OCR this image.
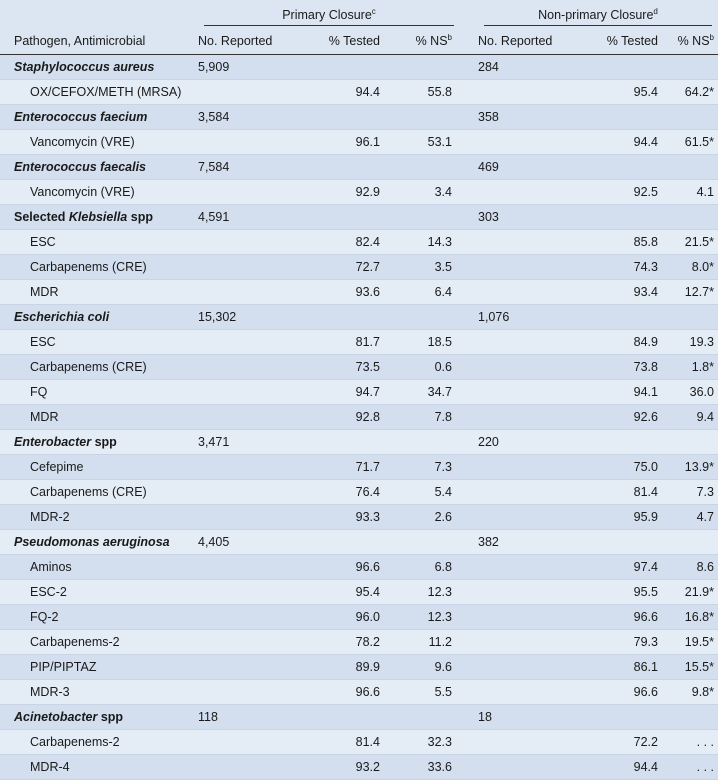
	Primary Closure$^c$				Non-primary Closure$^d$

Pathogen, Antimicrobial	No. Reported	% Tested	% $NS^b$		No. Reported	% Tested	% $NS^b$
Staphylococcus aureus	5,909				284		
OX/CEFOX/METH (MRSA)		94.4	55.8			95.4	64.2*
Enterococcus faecium	3,584				358		
Vancomycin (VRE)		96.1	53.1			94.4	61.5*
Enterococcus faecalis	7,584				469		
Vancomycin (VRE)		92.9	3.4			92.5	4.1
Selected Klebsiella spp	4,591				303		
ESC		82.4	14.3			85.8	21.5*
Carbapenems (CRE)		72.7	3.5			74.3	8.0*
MDR		93.6	6.4			93.4	12.7*
Escherichia coli	15,302				1,076		
ESC		81.7	18.5			84.9	19.3
Carbapenems (CRE)		73.5	0.6			73.8	1.8*
FQ		94.7	34.7			94.1	36.0
MDR		92.8	7.8			92.6	9.4
Enterobacter spp	3,471				220		
Cefepime		71.7	7.3			75.0	13.9*
Carbapenems (CRE)		76.4	5.4			81.4	7.3
MDR-2		93.3	2.6			95.9	4.7
Pseudomonas aeruginosa	4,405				382		
Aminos		96.6	6.8			97.4	8.6
ESC-2		95.4	12.3			95.5	21.9*
FQ-2		96.0	12.3			96.6	16.8*
Carbapenems-2		78.2	11.2			79.3	19.5*
PIP/PIPTAZ		89.9	9.6			86.1	15.5*
MDR-3		96.6	5.5			96.6	9.8*
Acinetobacter spp	118				18		
Carbapenems-2		81.4	32.3			72.2	. . .
MDR-4		93.2	33.6			94.4	. . .
